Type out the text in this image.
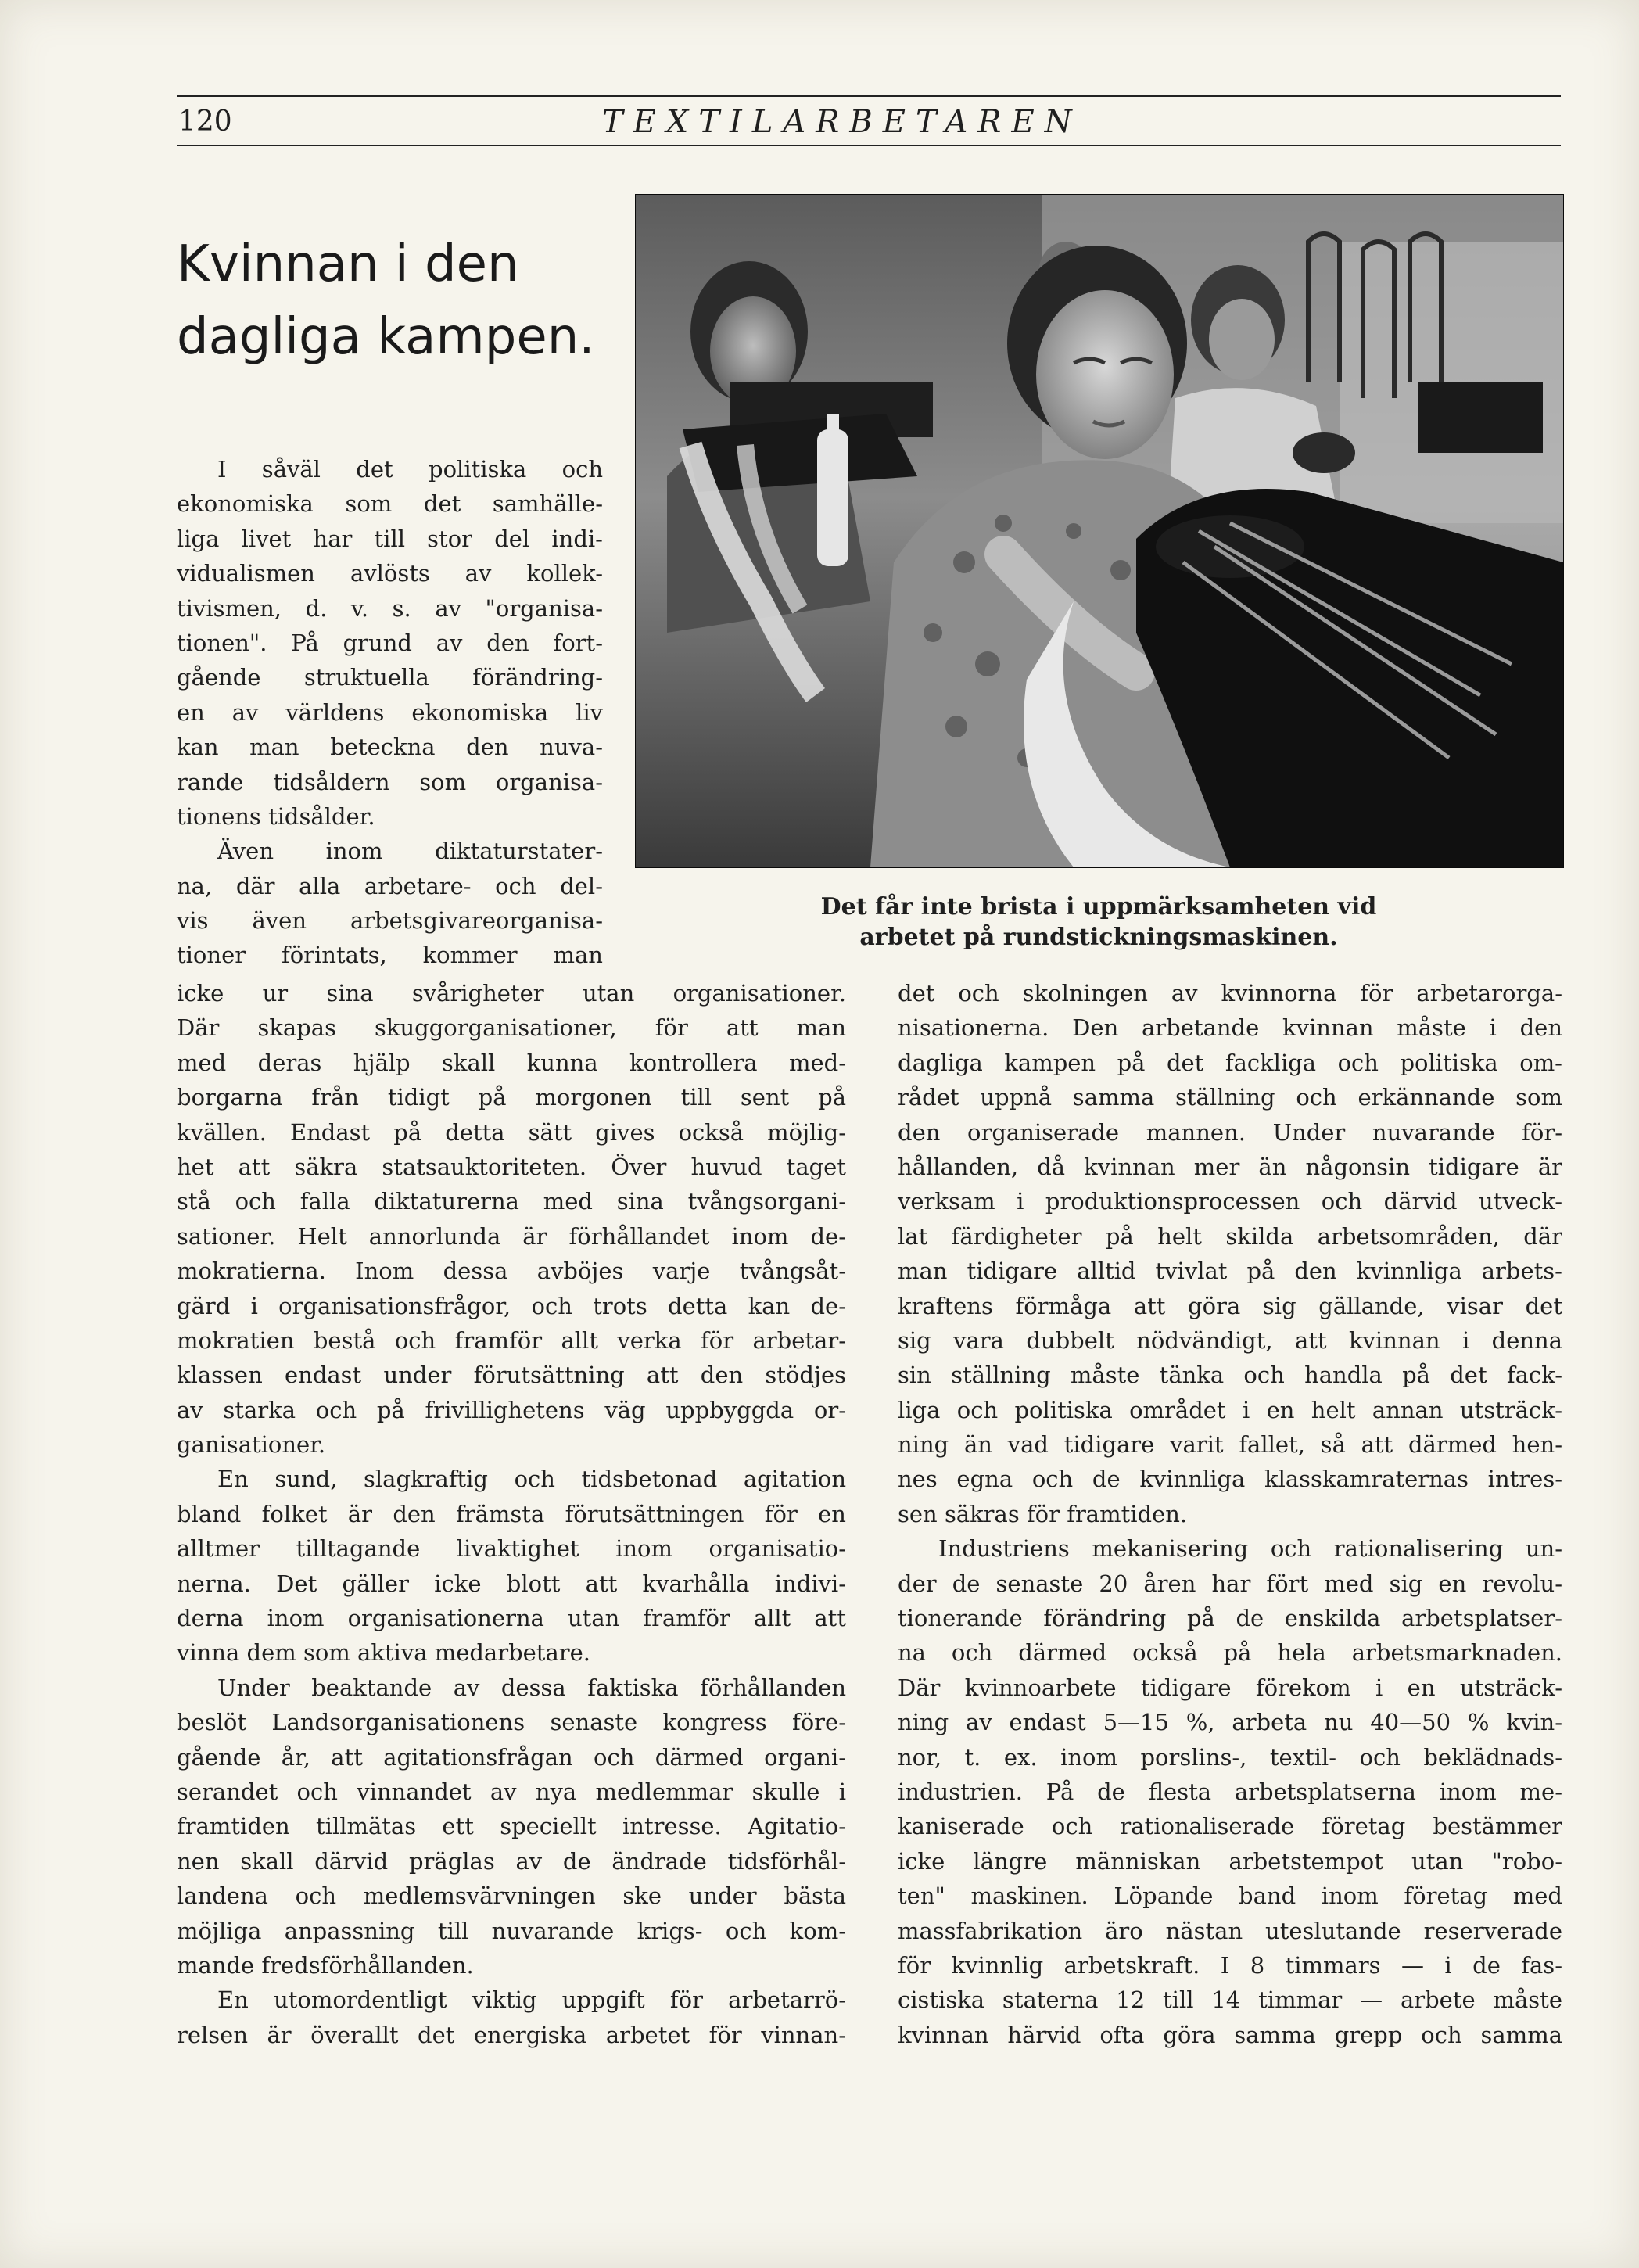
120	TEXTILARBETAREN
Kvinnan i den
dagliga kampen.
Det får inte brista i uppmärksamheten vid
arbetet på rundstickningsmaskinen.
I såväl det politiska och
ekonomiska som det samhälle-
liga livet har till stor del indi-
vidualismen avlösts av kollek-
tivismen, d. v. s. av "organisa-
tionen". På grund av den fort-
gående struktuella förändring-
en av världens ekonomiska liv
kan man beteckna den nuva-
rande tidsåldern som organisa-
tionens tidsålder.
Även inom diktaturstater-
na, där alla arbetare- och del-
vis även arbetsgivareorganisa-
tioner förintats, kommer man
icke ur sina svårigheter utan organisationer.
Där skapas skuggorganisationer, för att man
med deras hjälp skall kunna kontrollera med-
borgarna från tidigt på morgonen till sent på
kvällen. Endast på detta sätt gives också möjlig-
het att säkra statsauktoriteten. Över huvud taget
stå och falla diktaturerna med sina tvångsorgani-
sationer. Helt annorlunda är förhållandet inom de-
mokratierna. Inom dessa avböjes varje tvångsåt-
gärd i organisationsfrågor, och trots detta kan de-
mokratien bestå och framför allt verka för arbetar-
klassen endast under förutsättning att den stödjes
av starka och på frivillighetens väg uppbyggda or-
ganisationer.
En sund, slagkraftig och tidsbetonad agitation
bland folket är den främsta förutsättningen för en
alltmer tilltagande livaktighet inom organisatio-
nerna. Det gäller icke blott att kvarhålla indivi-
derna inom organisationerna utan framför allt att
vinna dem som aktiva medarbetare.
Under beaktande av dessa faktiska förhållanden
beslöt Landsorganisationens senaste kongress före-
gående år, att agitationsfrågan och därmed organi-
serandet och vinnandet av nya medlemmar skulle i
framtiden tillmätas ett speciellt intresse. Agitatio-
nen skall därvid präglas av de ändrade tidsförhål-
landena och medlemsvärvningen ske under bästa
möjliga anpassning till nuvarande krigs- och kom-
mande fredsförhållanden.
En utomordentligt viktig uppgift för arbetarrö-
relsen är överallt det energiska arbetet för vinnan-
det och skolningen av kvinnorna för arbetarorga-
nisationerna. Den arbetande kvinnan måste i den
dagliga kampen på det fackliga och politiska om-
rådet uppnå samma ställning och erkännande som
den organiserade mannen. Under nuvarande för-
hållanden, då kvinnan mer än någonsin tidigare är
verksam i produktionsprocessen och därvid utveck-
lat färdigheter på helt skilda arbetsområden, där
man tidigare alltid tvivlat på den kvinnliga arbets-
kraftens förmåga att göra sig gällande, visar det
sig vara dubbelt nödvändigt, att kvinnan i denna
sin ställning måste tänka och handla på det fack-
liga och politiska området i en helt annan utsträck-
ning än vad tidigare varit fallet, så att därmed hen-
nes egna och de kvinnliga klasskamraternas intres-
sen säkras för framtiden.
Industriens mekanisering och rationalisering un-
der de senaste 20 åren har fört med sig en revolu-
tionerande förändring på de enskilda arbetsplatser-
na och därmed också på hela arbetsmarknaden.
Där kvinnoarbete tidigare förekom i en utsträck-
ning av endast 5—15 %, arbeta nu 40—50 % kvin-
nor, t. ex. inom porslins-, textil- och beklädnads-
industrien. På de flesta arbetsplatserna inom me-
kaniserade och rationaliserade företag bestämmer
icke längre människan arbetstempot utan "robo-
ten" maskinen. Löpande band inom företag med
massfabrikation äro nästan uteslutande reserverade
för kvinnlig arbetskraft. I 8 timmars — i de fas-
cistiska staterna 12 till 14 timmar — arbete måste
kvinnan härvid ofta göra samma grepp och samma
